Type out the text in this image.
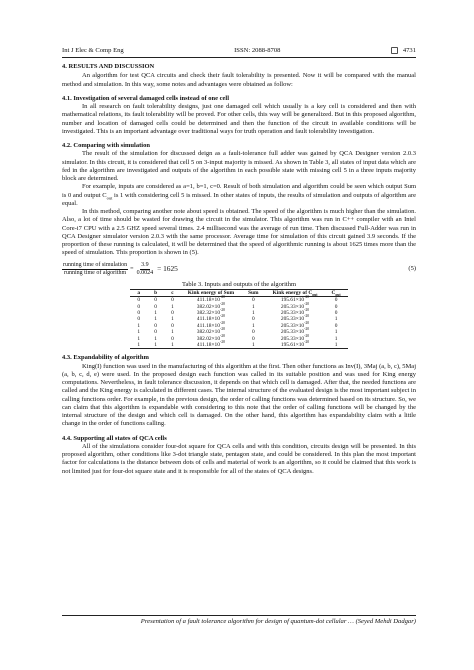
Int J Elec & Comp Eng	ISSN: 2088-8708	4731
4. RESULTS AND DISCUSSION

An algorithm for test QCA circuits and check their fault tolerability is presented. Now it will be compared with the manual method and simulation. In this way, some notes and advantages were obtained as follow:

4.1. Investigation of several damaged cells instead of one cell

In all research on fault tolerability designs, just one damaged cell which usually is a key cell is considered and then with mathematical relations, its fault tolerability will be proved. For other cells, this way will be generalized. But in this proposed algorithm, number and location of damaged cells could be determined and then the function of the circuit in available conditions will be investigated. This is an important advantage over traditional ways for truth operation and fault tolerability investigation.

4.2. Comparing with simulation

The result of the simulation for discussed deign as a fault-tolerance full adder was gained by QCA Designer version 2.0.3 simulator. In this circuit, it is considered that cell 5 on 3-input majority is missed. As shown in Table 3, all states of input data which are fed in the algorithm are investigated and outputs of the algorithm in each possible state with missing cell 5 in a three inputs majority block are determined.

For example, inputs are considered as a=1, b=1, c=0. Result of both simulation and algorithm could be seen which output Sum is 0 and output $C_{out}$ is 1 with considering cell 5 is missed. In other states of inputs, the results of simulation and outputs of algorithm are equal.

In this method, comparing another note about speed is obtained. The speed of the algorithm is much higher than the simulation. Also, a lot of time should be wasted for drawing the circuit in the simulator. This algorithm was run in C++ compiler with an Intel Core-i7 CPU with a 2.5 GHZ speed several times. 2.4 millisecond was the average of run time. Then discussed Full-Adder was run in QCA Designer simulator version 2.0.3 with the same processor. Average time for simulation of this circuit gained 3.9 seconds. If the proportion of these running is calculated, it will be determined that the speed of algorithmic running is about 1625 times more than the speed of simulation. This proportion is shown in (5).

$\frac{\text{running time of simulation}}{\text{running time of algorithm}} = \frac{3.9}{0.0024} = 1625$	(5)
Table 3. Inputs and outputs of the algorithm
a	b	c	Kink energy of Sum	Sum	Kink energy of $C_{out}$	$C_{out}$
0	0	0	$411.18\times 10^{-20}$	0	$195.61\times 10^{-20}$	0
0	0	1	$382.02\times 10^{-20}$	1	$205.33\times 10^{-20}$	0
0	1	0	$382.32\times 10^{-20}$	1	$205.33\times 10^{-20}$	0
0	1	1	$411.18\times 10^{-20}$	0	$205.33\times 10^{-20}$	1
1	0	0	$411.18\times 10^{-20}$	1	$205.33\times 10^{-20}$	0
1	0	1	$382.02\times 10^{-20}$	0	$205.33\times 10^{-20}$	1
1	1	0	$382.02\times 10^{-20}$	0	$205.33\times 10^{-20}$	1
1	1	1	$411.18\times 10^{-20}$	1	$195.61\times 10^{-20}$	1
4.3. Expandability of algorithm

King(I) function was used in the manufacturing of this algorithm at the first. Then other functions as Inv(I), 3Maj (a, b, c), 5Maj (a, b, c, d, e) were used. In the proposed design each function was called in its suitable position and was used for King energy computations. Nevertheless, in fault tolerance discussion, it depends on that which cell is damaged. After that, the needed functions are called and the King energy is calculated in different cases. The internal structure of the evaluated design is the most important subject in calling functions order. For example, in the previous design, the order of calling functions was determined based on its structure. So, we can claim that this algorithm is expandable with considering to this note that the order of calling functions will be changed by the internal structure of the design and which cell is damaged. On the other hand, this algorithm has expandability claim with a little change in the order of functions calling.

4.4. Supporting all states of QCA cells

All of the simulations consider four-dot square for QCA cells and with this condition, circuits design will be presented. In this proposed algorithm, other conditions like 3-dot triangle state, pentagon state, and could be considered. In this plan the most important factor for calculations is the distance between dots of cells and material of work is an algorithm, so it could be claimed that this work is not limited just for four-dot square state and it is responsible for all of the states of QCA designs.

Presentation of a fault tolerance algorithm for design of quantum-dot cellular … (Seyed Mehdi Dadgar)
